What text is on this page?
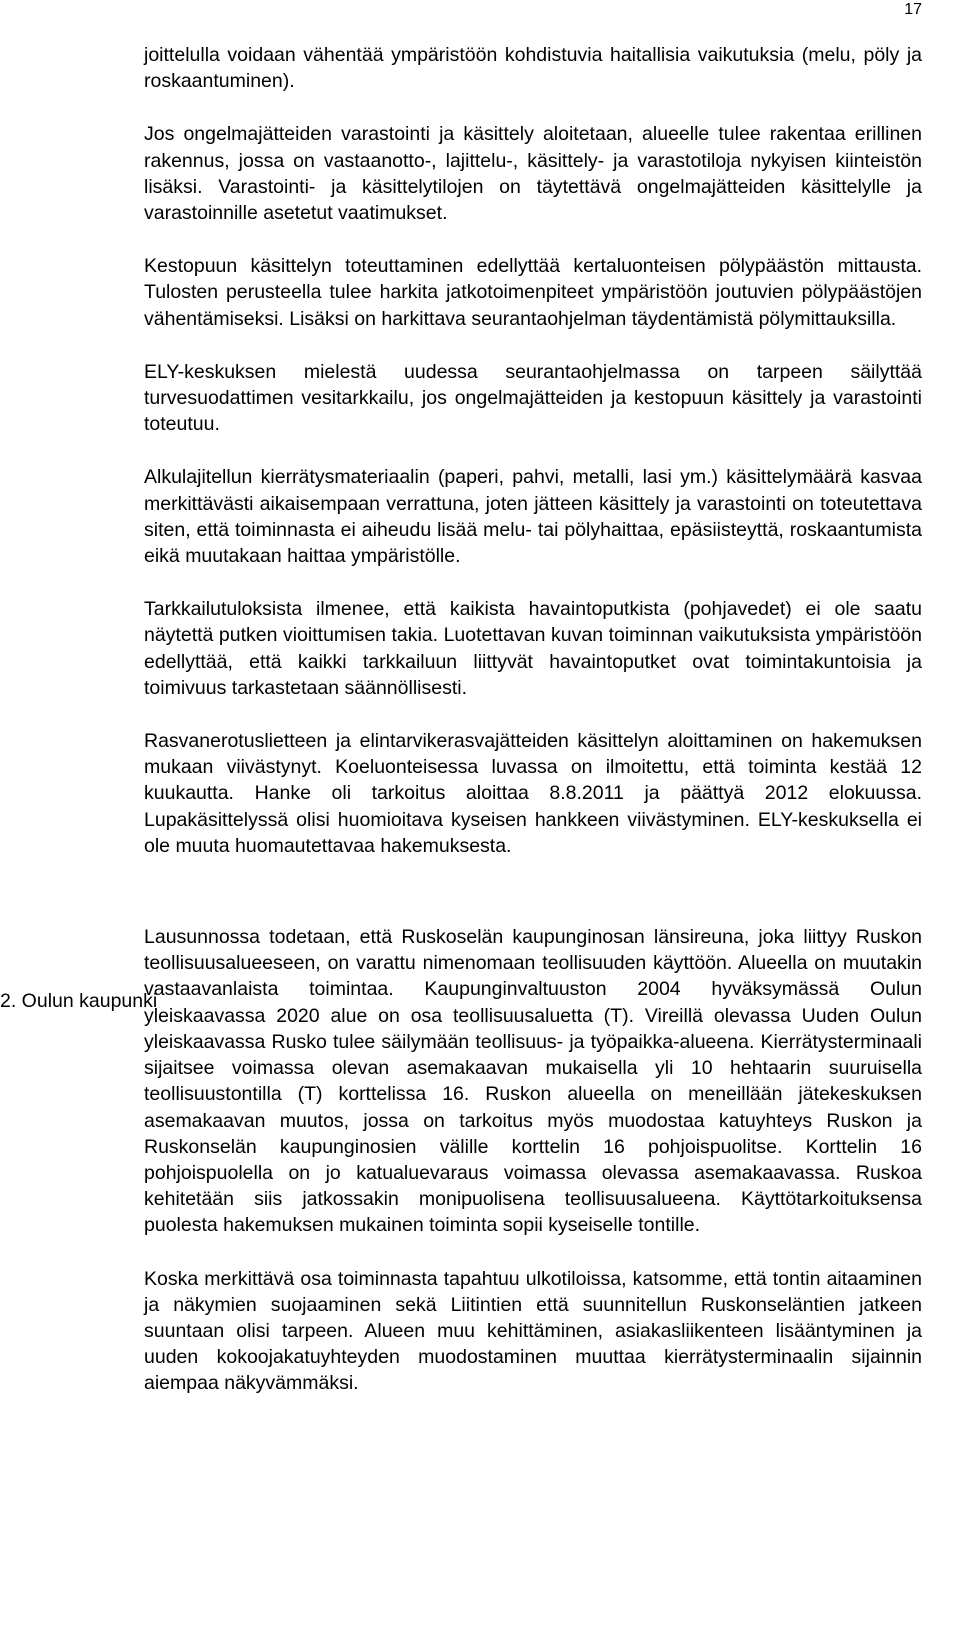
17
2. Oulun kaupunki

joittelulla voidaan vähentää ympäristöön kohdistuvia haitallisia vaikutuksia (melu, pöly ja roskaantuminen).

Jos ongelmajätteiden varastointi ja käsittely aloitetaan, alueelle tulee rakentaa erillinen rakennus, jossa on vastaanotto-, lajittelu-, käsittely- ja varastotiloja nykyisen kiinteistön lisäksi. Varastointi- ja käsittelytilojen on täytettävä ongelmajätteiden käsittelylle ja varastoinnille asetetut vaatimukset.

Kestopuun käsittelyn toteuttaminen edellyttää kertaluonteisen pölypäästön mittausta. Tulosten perusteella tulee harkita jatkotoimenpiteet ympäristöön joutuvien pölypäästöjen vähentämiseksi. Lisäksi on harkittava seurantaohjelman täydentämistä pölymittauksilla.

ELY-keskuksen mielestä uudessa seurantaohjelmassa on tarpeen säilyttää turvesuodattimen vesitarkkailu, jos ongelmajätteiden ja kestopuun käsittely ja varastointi toteutuu.

Alkulajitellun kierrätysmateriaalin (paperi, pahvi, metalli, lasi ym.) käsittelymäärä kasvaa merkittävästi aikaisempaan verrattuna, joten jätteen käsittely ja varastointi on toteutettava siten, että toiminnasta ei aiheudu lisää melu- tai pölyhaittaa, epäsiisteyttä, roskaantumista eikä muutakaan haittaa ympäristölle.

Tarkkailutuloksista ilmenee, että kaikista havaintoputkista (pohjavedet) ei ole saatu näytettä putken vioittumisen takia. Luotettavan kuvan toiminnan vaikutuksista ympäristöön edellyttää, että kaikki tarkkailuun liittyvät havaintoputket ovat toimintakuntoisia ja toimivuus tarkastetaan säännöllisesti.

Rasvanerotuslietteen ja elintarvikerasvajätteiden käsittelyn aloittaminen on hakemuksen mukaan viivästynyt. Koeluonteisessa luvassa on ilmoitettu, että toiminta kestää 12 kuukautta. Hanke oli tarkoitus aloittaa 8.8.2011 ja päättyä 2012 elokuussa. Lupakäsittelyssä olisi huomioitava kyseisen hankkeen viivästyminen. ELY-keskuksella ei ole muuta huomautettavaa hakemuksesta.

Lausunnossa todetaan, että Ruskoselän kaupunginosan länsireuna, joka liittyy Ruskon teollisuusalueeseen, on varattu nimenomaan teollisuuden käyttöön. Alueella on muutakin vastaavanlaista toimintaa. Kaupunginvaltuuston 2004 hyväksymässä Oulun yleiskaavassa 2020 alue on osa teollisuusaluetta (T). Vireillä olevassa Uuden Oulun yleiskaavassa Rusko tulee säilymään teollisuus- ja työpaikka-alueena. Kierrätysterminaali sijaitsee voimassa olevan asemakaavan mukaisella yli 10 hehtaarin suuruisella teollisuustontilla (T) korttelissa 16. Ruskon alueella on meneillään jätekeskuksen asemakaavan muutos, jossa on tarkoitus myös muodostaa katuyhteys Ruskon ja Ruskonselän kaupunginosien välille korttelin 16 pohjoispuolitse. Korttelin 16 pohjoispuolella on jo katualuevaraus voimassa olevassa asemakaavassa. Ruskoa kehitetään siis jatkossakin monipuolisena teollisuusalueena. Käyttötarkoituksensa puolesta hakemuksen mukainen toiminta sopii kyseiselle tontille.

Koska merkittävä osa toiminnasta tapahtuu ulkotiloissa, katsomme, että tontin aitaaminen ja näkymien suojaaminen sekä Liitintien että suunnitellun Ruskonseläntien jatkeen suuntaan olisi tarpeen. Alueen muu kehittäminen, asiakasliikenteen lisääntyminen ja uuden kokoojakatuyhteyden muodostaminen muuttaa kierrätysterminaalin sijainnin aiempaa näkyvämmäksi.
